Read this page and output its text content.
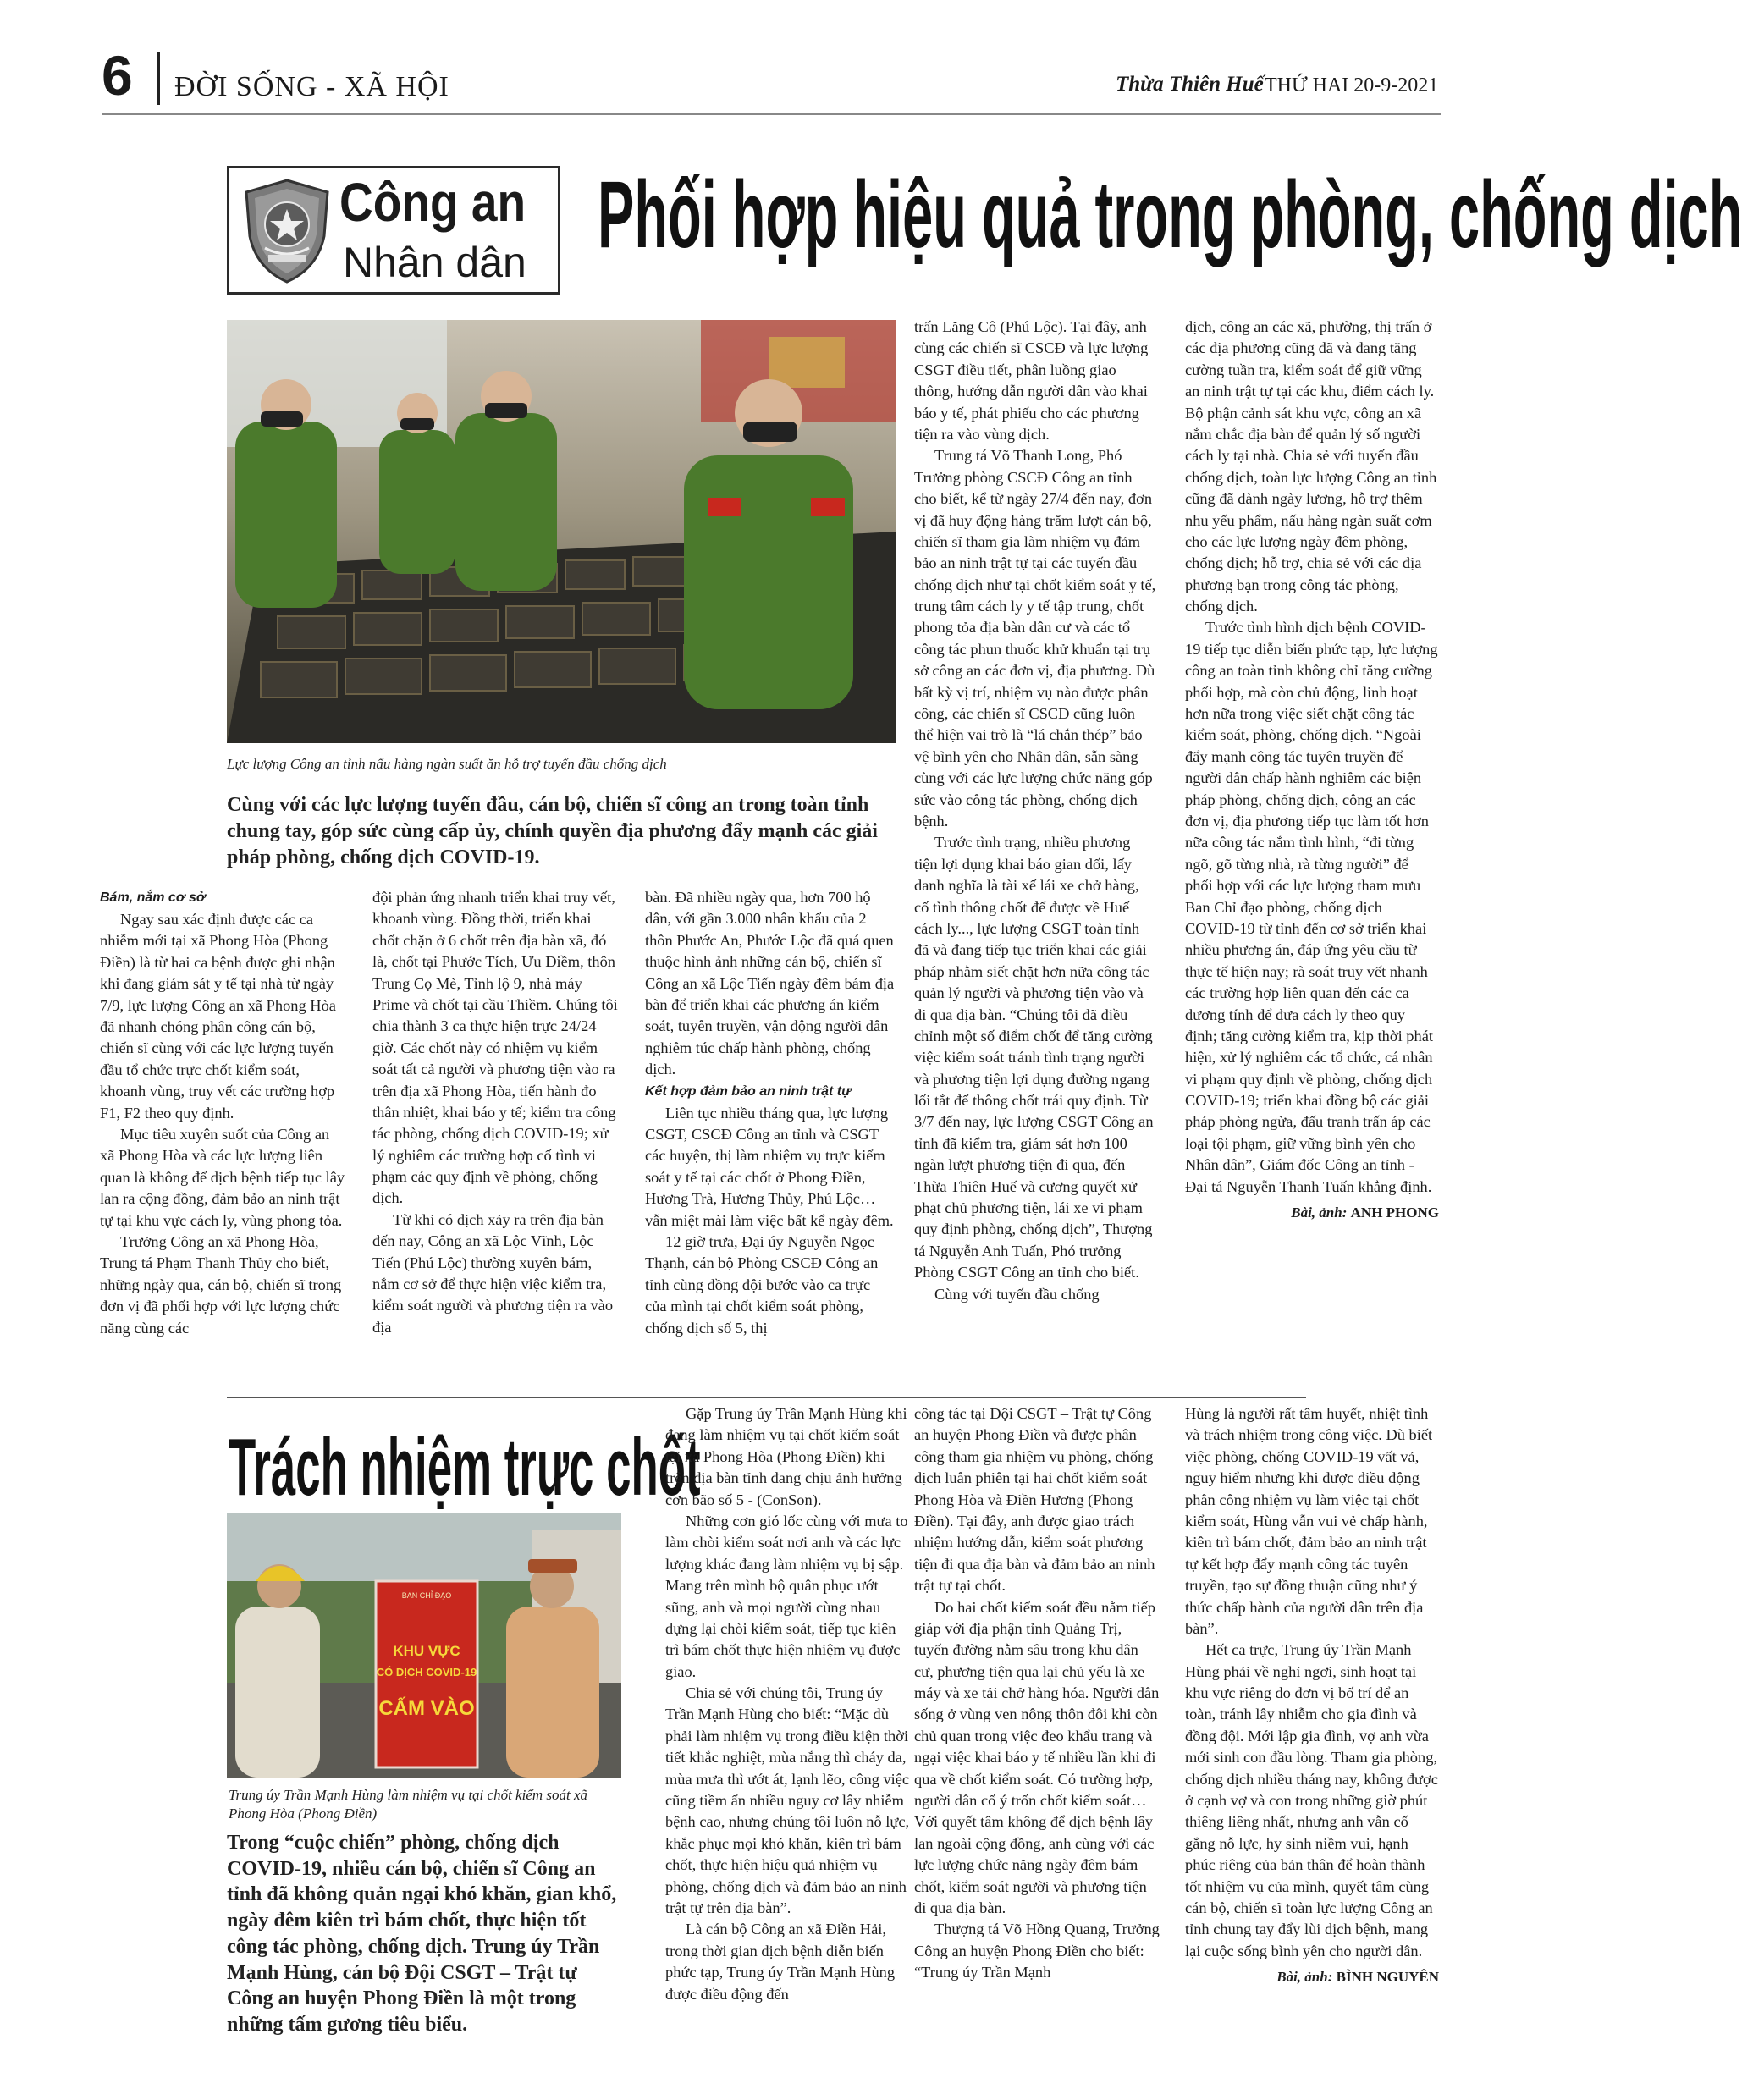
6 ĐỜI SỐNG - XÃ HỘI	Thừa Thiên Huế THỨ HAI 20-9-2021
Công an
Nhân dân Phối hợp hiệu quả trong phòng, chống dịch
Lực lượng Công an tỉnh nấu hàng ngàn suất ăn hỗ trợ tuyến đầu chống dịch
Cùng với các lực lượng tuyến đầu, cán bộ, chiến sĩ công an trong toàn tỉnh chung tay, góp sức cùng cấp ủy, chính quyền địa phương đẩy mạnh các giải pháp phòng, chống dịch COVID-19.
Bám, nắm cơ sở

Ngay sau xác định được các ca nhiễm mới tại xã Phong Hòa (Phong Điền) là từ hai ca bệnh được ghi nhận khi đang giám sát y tế tại nhà từ ngày 7/9, lực lượng Công an xã Phong Hòa đã nhanh chóng phân công cán bộ, chiến sĩ cùng với các lực lượng tuyến đầu tổ chức trực chốt kiểm soát, khoanh vùng, truy vết các trường hợp F1, F2 theo quy định.

Mục tiêu xuyên suốt của Công an xã Phong Hòa và các lực lượng liên quan là không để dịch bệnh tiếp tục lây lan ra cộng đồng, đảm bảo an ninh trật tự tại khu vực cách ly, vùng phong tỏa.

Trưởng Công an xã Phong Hòa, Trung tá Phạm Thanh Thủy cho biết, những ngày qua, cán bộ, chiến sĩ trong đơn vị đã phối hợp với lực lượng chức năng cùng các

đội phản ứng nhanh triển khai truy vết, khoanh vùng. Đồng thời, triển khai chốt chặn ở 6 chốt trên địa bàn xã, đó là, chốt tại Phước Tích, Ưu Điềm, thôn Trung Cọ Mè, Tỉnh lộ 9, nhà máy Prime và chốt tại cầu Thiềm. Chúng tôi chia thành 3 ca thực hiện trực 24/24 giờ. Các chốt này có nhiệm vụ kiểm soát tất cả người và phương tiện vào ra trên địa xã Phong Hòa, tiến hành đo thân nhiệt, khai báo y tế; kiểm tra công tác phòng, chống dịch COVID-19; xử lý nghiêm các trường hợp cố tình vi phạm các quy định về phòng, chống dịch.

Từ khi có dịch xảy ra trên địa bàn đến nay, Công an xã Lộc Vĩnh, Lộc Tiến (Phú Lộc) thường xuyên bám, nắm cơ sở để thực hiện việc kiểm tra, kiểm soát người và phương tiện ra vào địa

bàn. Đã nhiều ngày qua, hơn 700 hộ dân, với gần 3.000 nhân khẩu của 2 thôn Phước An, Phước Lộc đã quá quen thuộc hình ảnh những cán bộ, chiến sĩ Công an xã Lộc Tiến ngày đêm bám địa bàn để triển khai các phương án kiểm soát, tuyên truyền, vận động người dân nghiêm túc chấp hành phòng, chống dịch.

Kết hợp đảm bảo an ninh trật tự

Liên tục nhiều tháng qua, lực lượng CSGT, CSCĐ Công an tỉnh và CSGT các huyện, thị làm nhiệm vụ trực kiểm soát y tế tại các chốt ở Phong Điền, Hương Trà, Hương Thủy, Phú Lộc… vẫn miệt mài làm việc bất kể ngày đêm.

12 giờ trưa, Đại úy Nguyễn Ngọc Thạnh, cán bộ Phòng CSCĐ Công an tỉnh cùng đồng đội bước vào ca trực của mình tại chốt kiểm soát phòng, chống dịch số 5, thị

trấn Lăng Cô (Phú Lộc). Tại đây, anh cùng các chiến sĩ CSCĐ và lực lượng CSGT điều tiết, phân luồng giao thông, hướng dẫn người dân vào khai báo y tế, phát phiếu cho các phương tiện ra vào vùng dịch.

Trung tá Võ Thanh Long, Phó Trưởng phòng CSCĐ Công an tỉnh cho biết, kể từ ngày 27/4 đến nay, đơn vị đã huy động hàng trăm lượt cán bộ, chiến sĩ tham gia làm nhiệm vụ đảm bảo an ninh trật tự tại các tuyến đầu chống dịch như tại chốt kiểm soát y tế, trung tâm cách ly y tế tập trung, chốt phong tỏa địa bàn dân cư và các tổ công tác phun thuốc khử khuẩn tại trụ sở công an các đơn vị, địa phương. Dù bất kỳ vị trí, nhiệm vụ nào được phân công, các chiến sĩ CSCĐ cũng luôn thể hiện vai trò là “lá chắn thép” bảo vệ bình yên cho Nhân dân, sẵn sàng cùng với các lực lượng chức năng góp sức vào công tác phòng, chống dịch bệnh.

Trước tình trạng, nhiều phương tiện lợi dụng khai báo gian dối, lấy danh nghĩa là tài xế lái xe chở hàng, cố tình thông chốt để được về Huế cách ly..., lực lượng CSGT toàn tỉnh đã và đang tiếp tục triển khai các giải pháp nhằm siết chặt hơn nữa công tác quản lý người và phương tiện vào và đi qua địa bàn. “Chúng tôi đã điều chỉnh một số điểm chốt để tăng cường việc kiểm soát tránh tình trạng người và phương tiện lợi dụng đường ngang lối tắt để thông chốt trái quy định. Từ 3/7 đến nay, lực lượng CSGT Công an tỉnh đã kiểm tra, giám sát hơn 100 ngàn lượt phương tiện đi qua, đến Thừa Thiên Huế và cương quyết xử phạt chủ phương tiện, lái xe vi phạm quy định phòng, chống dịch”, Thượng tá Nguyễn Anh Tuấn, Phó trưởng Phòng CSGT Công an tỉnh cho biết.

Cùng với tuyến đầu chống

dịch, công an các xã, phường, thị trấn ở các địa phương cũng đã và đang tăng cường tuần tra, kiểm soát để giữ vững an ninh trật tự tại các khu, điểm cách ly. Bộ phận cảnh sát khu vực, công an xã nắm chắc địa bàn để quản lý số người cách ly tại nhà. Chia sẻ với tuyến đầu chống dịch, toàn lực lượng Công an tỉnh cũng đã dành ngày lương, hỗ trợ thêm nhu yếu phẩm, nấu hàng ngàn suất cơm cho các lực lượng ngày đêm phòng, chống dịch; hỗ trợ, chia sẻ với các địa phương bạn trong công tác phòng, chống dịch.

Trước tình hình dịch bệnh COVID-19 tiếp tục diễn biến phức tạp, lực lượng công an toàn tỉnh không chỉ tăng cường phối hợp, mà còn chủ động, linh hoạt hơn nữa trong việc siết chặt công tác kiểm soát, phòng, chống dịch. “Ngoài đẩy mạnh công tác tuyên truyền để người dân chấp hành nghiêm các biện pháp phòng, chống dịch, công an các đơn vị, địa phương tiếp tục làm tốt hơn nữa công tác nắm tình hình, “đi từng ngõ, gõ từng nhà, rà từng người” để phối hợp với các lực lượng tham mưu Ban Chỉ đạo phòng, chống dịch COVID-19 từ tỉnh đến cơ sở triển khai nhiều phương án, đáp ứng yêu cầu từ thực tế hiện nay; rà soát truy vết nhanh các trường hợp liên quan đến các ca dương tính để đưa cách ly theo quy định; tăng cường kiểm tra, kịp thời phát hiện, xử lý nghiêm các tổ chức, cá nhân vi phạm quy định về phòng, chống dịch COVID-19; triển khai đồng bộ các giải pháp phòng ngừa, đấu tranh trấn áp các loại tội phạm, giữ vững bình yên cho Nhân dân”, Giám đốc Công an tỉnh - Đại tá Nguyễn Thanh Tuấn khẳng định.

Bài, ảnh: ANH PHONG
Trách nhiệm trực chốt
BAN CHỈ ĐẠO
KHU VỰC
CÓ DỊCH COVID-19
CẤM VÀO
Trung úy Trần Mạnh Hùng làm nhiệm vụ tại chốt kiểm soát xã Phong Hòa (Phong Điền)
Trong “cuộc chiến” phòng, chống dịch COVID-19, nhiều cán bộ, chiến sĩ Công an tỉnh đã không quản ngại khó khăn, gian khổ, ngày đêm kiên trì bám chốt, thực hiện tốt công tác phòng, chống dịch. Trung úy Trần Mạnh Hùng, cán bộ Đội CSGT – Trật tự Công an huyện Phong Điền là một trong những tấm gương tiêu biểu.

Gặp Trung úy Trần Mạnh Hùng khi đang làm nhiệm vụ tại chốt kiểm soát tại xã Phong Hòa (Phong Điền) khi trên địa bàn tỉnh đang chịu ảnh hưởng cơn bão số 5 - (ConSon).

Những cơn gió lốc cùng với mưa to làm chòi kiểm soát nơi anh và các lực lượng khác đang làm nhiệm vụ bị sập. Mang trên mình bộ quân phục ướt sũng, anh và mọi người cùng nhau dựng lại chòi kiểm soát, tiếp tục kiên trì bám chốt thực hiện nhiệm vụ được giao.

Chia sẻ với chúng tôi, Trung úy Trần Mạnh Hùng cho biết: “Mặc dù phải làm nhiệm vụ trong điều kiện thời tiết khắc nghiệt, mùa nắng thì cháy da, mùa mưa thì ướt át, lạnh lẽo, công việc cũng tiềm ẩn nhiều nguy cơ lây nhiễm bệnh cao, nhưng chúng tôi luôn nỗ lực, khắc phục mọi khó khăn, kiên trì bám chốt, thực hiện hiệu quả nhiệm vụ phòng, chống dịch và đảm bảo an ninh trật tự trên địa bàn”.

Là cán bộ Công an xã Điền Hải, trong thời gian dịch bệnh diễn biến phức tạp, Trung úy Trần Mạnh Hùng được điều động đến

công tác tại Đội CSGT – Trật tự Công an huyện Phong Điền và được phân công tham gia nhiệm vụ phòng, chống dịch luân phiên tại hai chốt kiểm soát Phong Hòa và Điền Hương (Phong Điền). Tại đây, anh được giao trách nhiệm hướng dẫn, kiểm soát phương tiện đi qua địa bàn và đảm bảo an ninh trật tự tại chốt.

Do hai chốt kiểm soát đều nằm tiếp giáp với địa phận tỉnh Quảng Trị, tuyến đường nằm sâu trong khu dân cư, phương tiện qua lại chủ yếu là xe máy và xe tải chở hàng hóa. Người dân sống ở vùng ven nông thôn đôi khi còn chủ quan trong việc đeo khẩu trang và ngại việc khai báo y tế nhiều lần khi đi qua về chốt kiểm soát. Có trường hợp, người dân cố ý trốn chốt kiểm soát…Với quyết tâm không để dịch bệnh lây lan ngoài cộng đồng, anh cùng với các lực lượng chức năng ngày đêm bám chốt, kiểm soát người và phương tiện đi qua địa bàn.

Thượng tá Võ Hồng Quang, Trưởng Công an huyện Phong Điền cho biết: “Trung úy Trần Mạnh

Hùng là người rất tâm huyết, nhiệt tình và trách nhiệm trong công việc. Dù biết việc phòng, chống COVID-19 vất vả, nguy hiểm nhưng khi được điều động phân công nhiệm vụ làm việc tại chốt kiểm soát, Hùng vẫn vui vẻ chấp hành, kiên trì bám chốt, đảm bảo an ninh trật tự kết hợp đẩy mạnh công tác tuyên truyền, tạo sự đồng thuận cũng như ý thức chấp hành của người dân trên địa bàn”.

Hết ca trực, Trung úy Trần Mạnh Hùng phải về nghỉ ngơi, sinh hoạt tại khu vực riêng do đơn vị bố trí để an toàn, tránh lây nhiễm cho gia đình và đồng đội. Mới lập gia đình, vợ anh vừa mới sinh con đầu lòng. Tham gia phòng, chống dịch nhiều tháng nay, không được ở cạnh vợ và con trong những giờ phút thiêng liêng nhất, nhưng anh vẫn cố gắng nỗ lực, hy sinh niềm vui, hạnh phúc riêng của bản thân để hoàn thành tốt nhiệm vụ của mình, quyết tâm cùng cán bộ, chiến sĩ toàn lực lượng Công an tỉnh chung tay đẩy lùi dịch bệnh, mang lại cuộc sống bình yên cho người dân.

Bài, ảnh: BÌNH NGUYÊN
